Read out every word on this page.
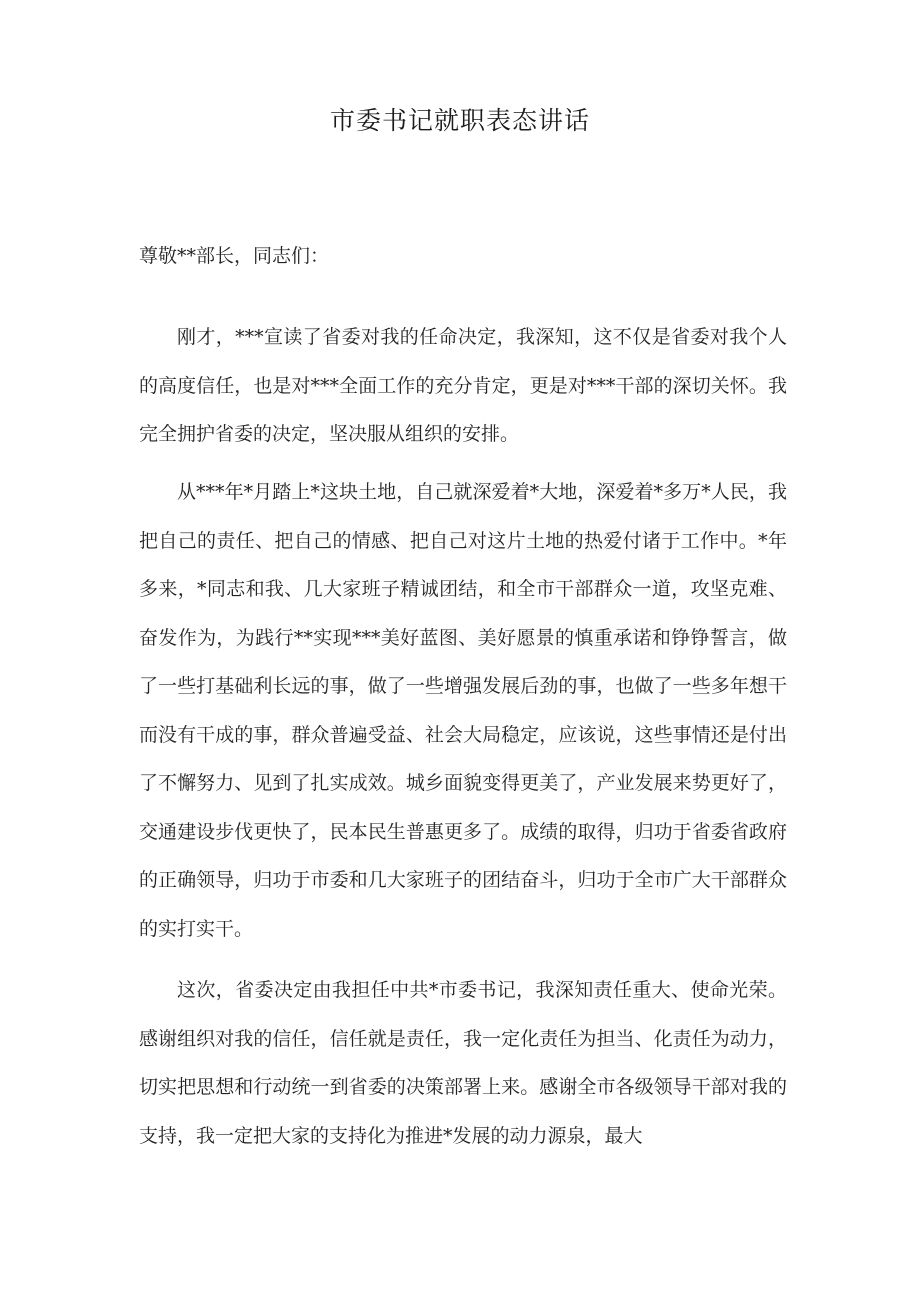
市委书记就职表态讲话

尊敬**部长，同志们：

刚才，***宣读了省委对我的任命决定，我深知，这不仅是省委对我个人的高度信任，也是对***全面工作的充分肯定，更是对***干部的深切关怀。我完全拥护省委的决定，坚决服从组织的安排。

从***年*月踏上*这块土地，自己就深爱着*大地，深爱着*多万*人民，我把自己的责任、把自己的情感、把自己对这片土地的热爱付诸于工作中。*年多来，*同志和我、几大家班子精诚团结，和全市干部群众一道，攻坚克难、奋发作为，为践行**实现***美好蓝图、美好愿景的慎重承诺和铮铮誓言，做了一些打基础利长远的事，做了一些增强发展后劲的事，也做了一些多年想干而没有干成的事，群众普遍受益、社会大局稳定，应该说，这些事情还是付出了不懈努力、见到了扎实成效。城乡面貌变得更美了，产业发展来势更好了，交通建设步伐更快了，民本民生普惠更多了。成绩的取得，归功于省委省政府的正确领导，归功于市委和几大家班子的团结奋斗，归功于全市广大干部群众的实打实干。

这次，省委决定由我担任中共*市委书记，我深知责任重大、使命光荣。感谢组织对我的信任，信任就是责任，我一定化责任为担当、化责任为动力，切实把思想和行动统一到省委的决策部署上来。感谢全市各级领导干部对我的支持，我一定把大家的支持化为推进*发展的动力源泉，最大
